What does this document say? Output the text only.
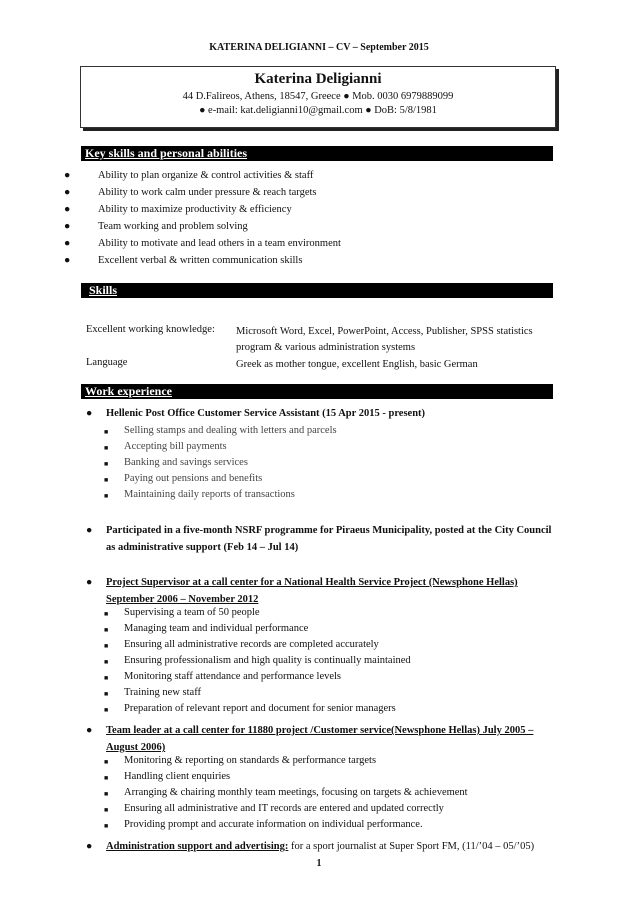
KATERINA DELIGIANNI – CV – September 2015
Katerina Deligianni
44 D.Falireos, Athens, 18547, Greece ● Mob. 0030 6979889099
● e-mail: kat.deligianni10@gmail.com ● DoB: 5/8/1981
Key skills and personal abilities
●	Ability to plan organize & control activities & staff
●	Ability to work calm under pressure & reach targets
●	Ability to maximize productivity & efficiency
●	Team working and problem solving
●	Ability to motivate and lead others in a team environment
●	Excellent verbal & written communication skills
Skills
Excellent working knowledge: Microsoft Word, Excel, PowerPoint, Access, Publisher, SPSS statistics program & various administration systems
Language	Greek as mother tongue, excellent English, basic German
Work experience
● Hellenic Post Office Customer Service Assistant (15 Apr 2015 - present)
■ Selling stamps and dealing with letters and parcels
■ Accepting bill payments
■ Banking and savings services
■ Paying out pensions and benefits
■ Maintaining daily reports of transactions
● Participated in a five-month NSRF programme for Piraeus Municipality, posted at the City Council as administrative support (Feb 14 – Jul 14)
● Project Supervisor at a call center for a National Health Service Project (Newsphone Hellas) September 2006 – November 2012
■ Supervising a team of 50 people
■ Managing team and individual performance
■ Ensuring all administrative records are completed accurately
■ Ensuring professionalism and high quality is continually maintained
■ Monitoring staff attendance and performance levels
■ Training new staff
■ Preparation of relevant report and document for senior managers
● Team leader at a call center for 11880 project /Customer service(Newsphone Hellas) July 2005 – August 2006)
■ Monitoring & reporting on standards & performance targets
■ Handling client enquiries
■ Arranging & chairing monthly team meetings, focusing on targets & achievement
■ Ensuring all administrative and IT records are entered and updated correctly
■ Providing prompt and accurate information on individual performance.
● Administration support and advertising: for a sport journalist at Super Sport FM, (11/’04 – 05/’05)
1
